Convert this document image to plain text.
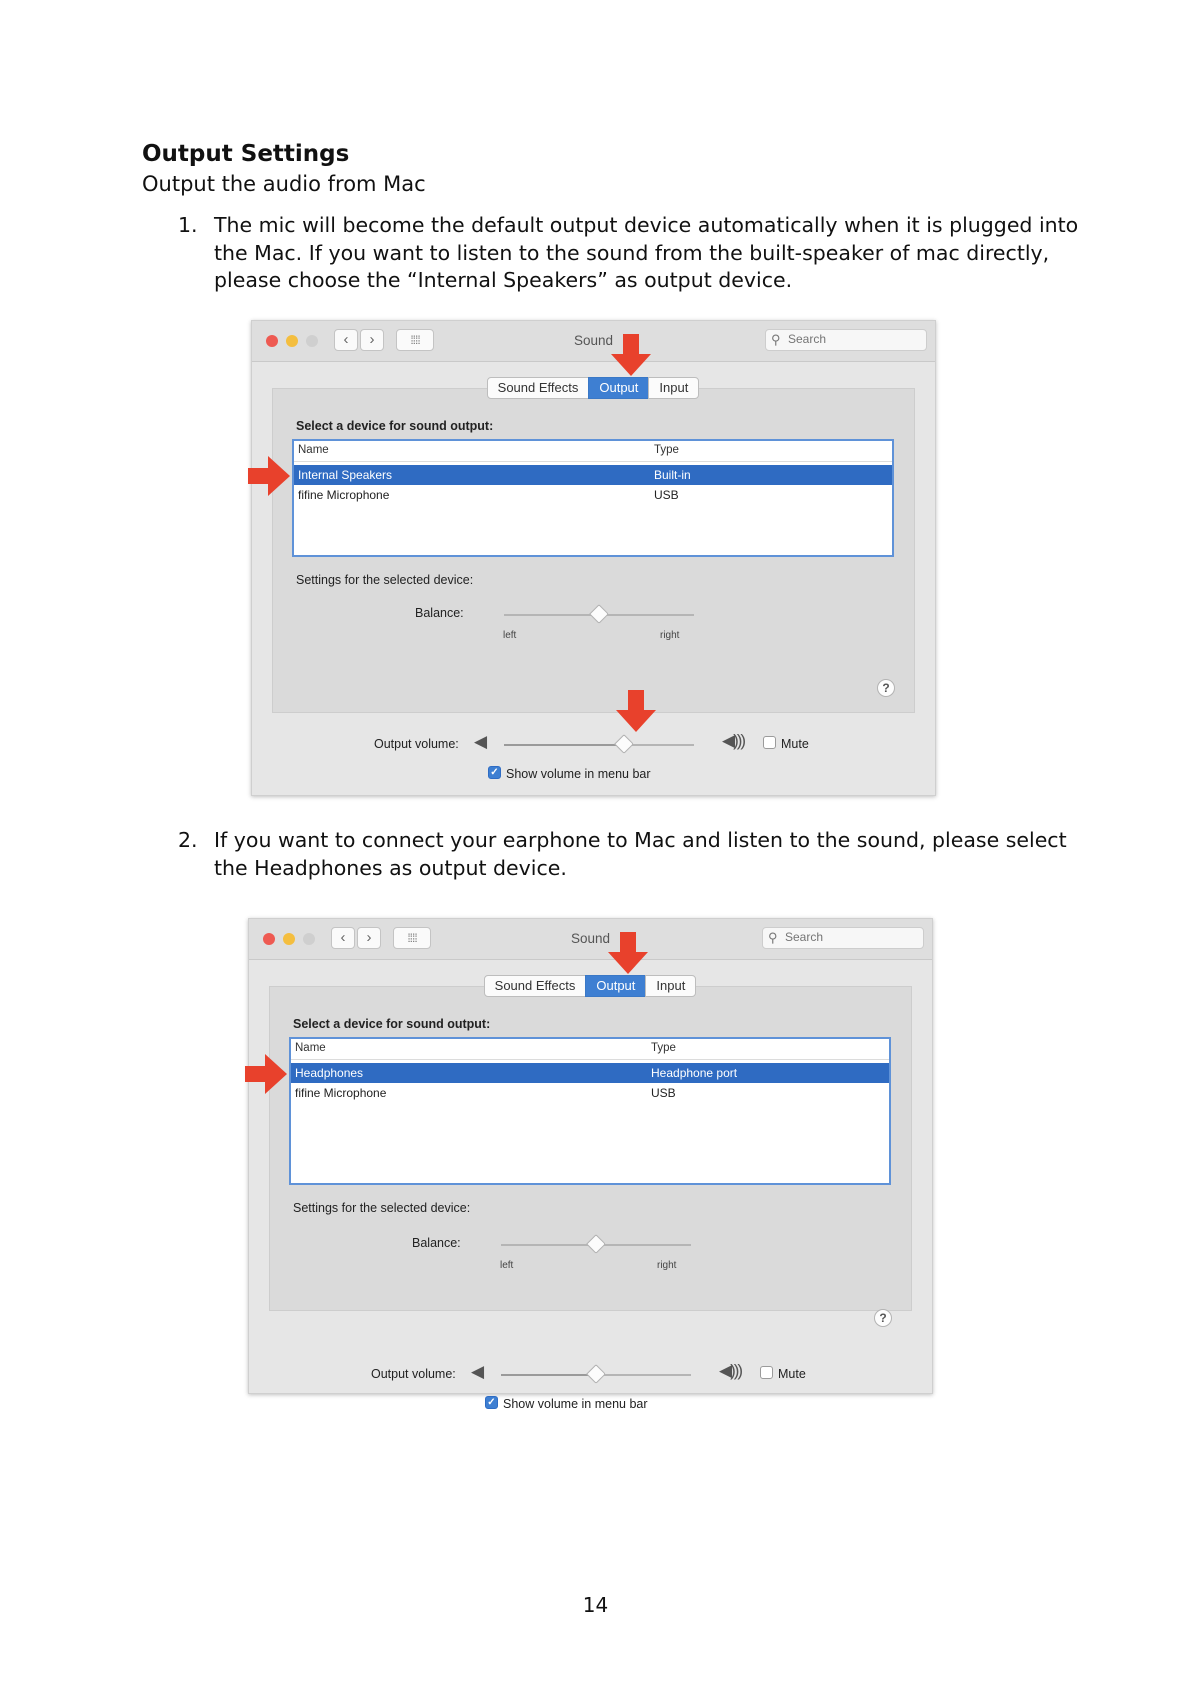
Output Settings
Output the audio from Mac
1. The mic will become the default output device automatically when it is plugged into the Mac. If you want to listen to the sound from the built-speaker of mac directly, please choose the “Internal Speakers” as output device.
‹	›	⁞⁞⁞⁞	Sound	⚲
Search
Sound Effects	Output	Input
Select a device for sound output:
Name	Type
Internal Speakers	Built-in
fifine Microphone	USB
Settings for the selected device:
Balance:
left	right
?
Output volume: ◀	◀)))	Mute
✓ Show volume in menu bar
2. If you want to connect your earphone to Mac and listen to the sound, please select the Headphones as output device.
‹	›	⁞⁞⁞⁞	Sound	⚲
Search
Sound Effects	Output	Input
Select a device for sound output:
Name	Type
Headphones	Headphone port
fifine Microphone	USB
Settings for the selected device:
Balance:
left	right
?
Output volume: ◀	◀)))	Mute
✓ Show volume in menu bar
14
